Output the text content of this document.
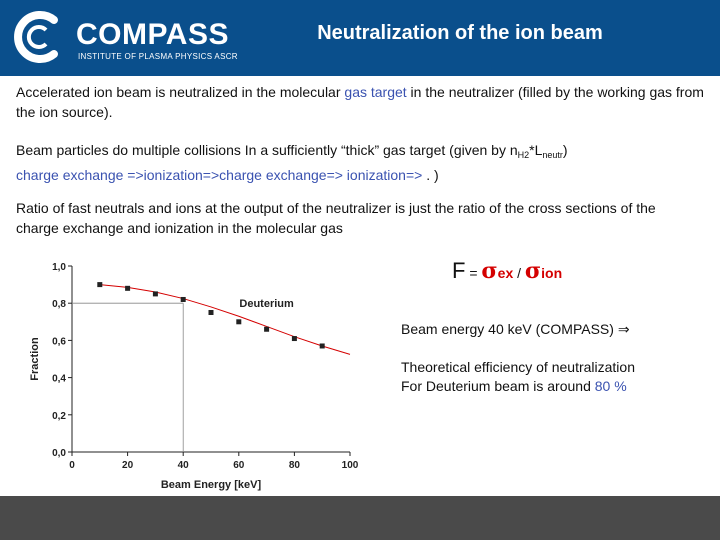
COMPASS
INSTITUTE OF PLASMA PHYSICS ASCR
Neutralization of the ion beam
Accelerated ion beam is neutralized in the molecular gas target in the neutralizer (filled by the working gas from the ion source).
Beam particles do multiple collisions In a sufficiently “thick” gas target (given by $n_{H2}*L_{neutr}$)
charge exchange =>ionization=>charge exchange=> ionization=> . )
Ratio of fast neutrals and ions at the output of the neutralizer is just the ratio of the cross sections of the charge exchange and ionization in the molecular gas
0	20	40	60	80	100
0,0
0,2
0,4
0,6
0,8
1,0
Beam Energy [keV]
Fraction
Deuterium
F = σex / σion
Beam energy 40 keV (COMPASS) ⇒
Theoretical efficiency of neutralization
For Deuterium beam is around 80 %
